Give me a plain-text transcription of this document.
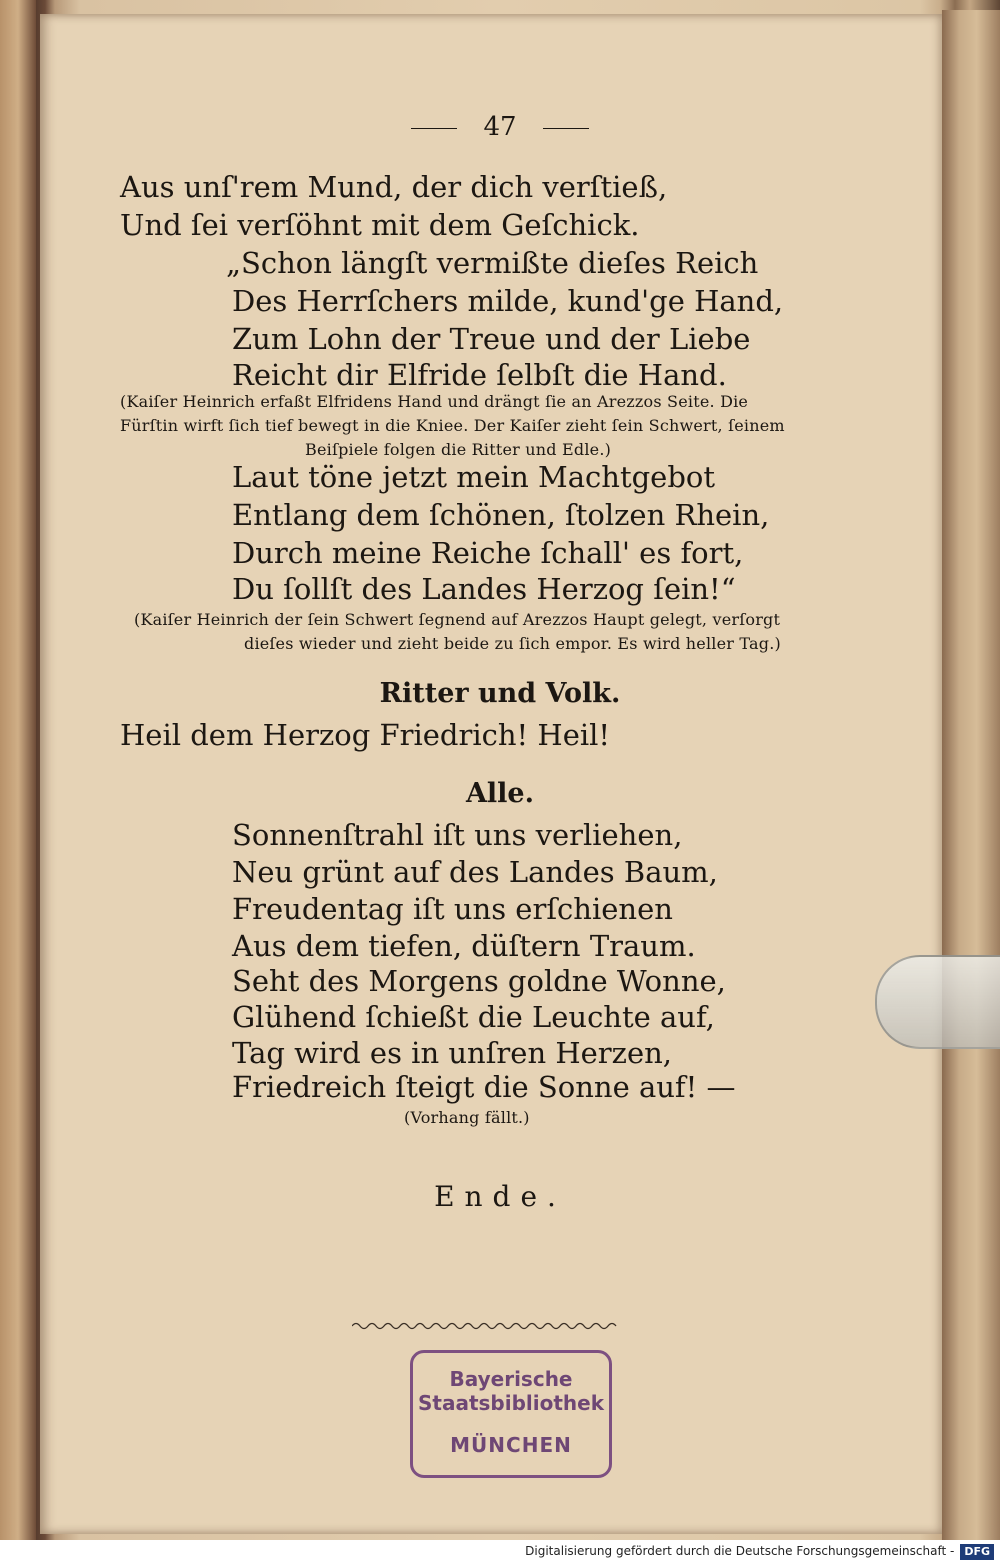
47
Aus unſ'rem Mund, der dich verſtieß,
Und ſei verſöhnt mit dem Geſchick.
„Schon längſt vermißte dieſes Reich
Des Herrſchers milde, kund'ge Hand,
Zum Lohn der Treue und der Liebe
Reicht dir Elfride ſelbſt die Hand.
(Kaiſer Heinrich erfaßt Elfridens Hand und drängt ſie an Arezzos Seite. Die
Fürſtin wirft ſich tief bewegt in die Kniee. Der Kaiſer zieht ſein Schwert, ſeinem
Beiſpiele folgen die Ritter und Edle.)
Laut töne jetzt mein Machtgebot
Entlang dem ſchönen, ſtolzen Rhein,
Durch meine Reiche ſchall' es fort,
Du ſollſt des Landes Herzog ſein!“
(Kaiſer Heinrich der ſein Schwert ſegnend auf Arezzos Haupt gelegt, verſorgt
dieſes wieder und zieht beide zu ſich empor. Es wird heller Tag.)
Ritter und Volk.
Heil dem Herzog Friedrich! Heil!
Alle.
Sonnenſtrahl iſt uns verliehen,
Neu grünt auf des Landes Baum,
Freudentag iſt uns erſchienen
Aus dem tiefen, düſtern Traum.
Seht des Morgens goldne Wonne,
Glühend ſchießt die Leuchte auf,
Tag wird es in unſren Herzen,
Friedreich ſteigt die Sonne auf! —
(Vorhang fällt.)
Ende.
Bayerische
Staatsbibliothek
MÜNCHEN
Digitalisierung gefördert durch die Deutsche Forschungsgemeinschaft - DFG
